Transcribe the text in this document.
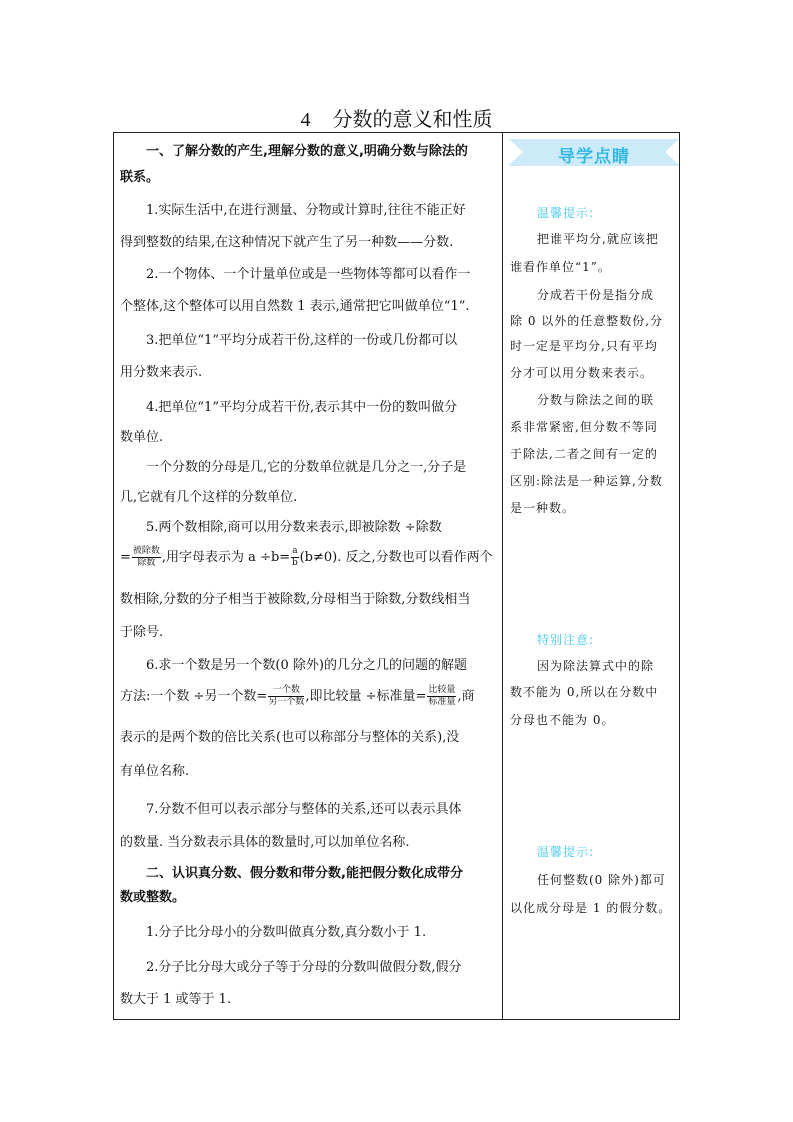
4 分数的意义和性质
一、了解分数的产生,理解分数的意义,明确分数与除法的
联系。
1.实际生活中,在进行测量、分物或计算时,往往不能正好
得到整数的结果,在这种情况下就产生了另一种数——分数.
2.一个物体、一个计量单位或是一些物体等都可以看作一
个整体,这个整体可以用自然数 1 表示,通常把它叫做单位“1”.
3.把单位“1”平均分成若干份,这样的一份或几份都可以
用分数来表示.
4.把单位“1”平均分成若干份,表示其中一份的数叫做分
数单位.
一个分数的分母是几,它的分数单位就是几分之一,分子是
几,它就有几个这样的分数单位.
5.两个数相除,商可以用分数来表示,即被除数 ÷除数
= $\frac{\text{被除数}}{\text{除数}}$ ,用字母表示为 $a \div b= \frac{a}{b} (b\ne 0)$. 反之,分数也可以看作两个
数相除,分数的分子相当于被除数,分母相当于除数,分数线相当
于除号.
6.求一个数是另一个数(0 除外)的几分之几的问题的解题
方法:一个数 ÷另一个数= $\frac{\text{一个数}}{\text{另一个数}}$ ,即比较量 ÷标准量= $\frac{\text{比较量}}{\text{标准量}}$ ,商
表示的是两个数的倍比关系(也可以称部分与整体的关系),没
有单位名称.
7.分数不但可以表示部分与整体的关系,还可以表示具体
的数量. 当分数表示具体的数量时,可以加单位名称.
二、认识真分数、假分数和带分数,能把假分数化成带分
数或整数。
1.分子比分母小的分数叫做真分数,真分数小于 1.
2.分子比分母大或分子等于分母的分数叫做假分数,假分
数大于 1 或等于 1.
导学点睛
温馨提示:
把谁平均分,就应该把
谁看作单位“1”。
分成若干份是指分成
除 0 以外的任意整数份,分
时一定是平均分,只有平均
分才可以用分数来表示。
分数与除法之间的联
系非常紧密,但分数不等同
于除法,二者之间有一定的
区别:除法是一种运算,分数
是一种数。
特别注意:
因为除法算式中的除
数不能为 0,所以在分数中
分母也不能为 0。
温馨提示:
任何整数(0 除外)都可
以化成分母是 1 的假分数。
